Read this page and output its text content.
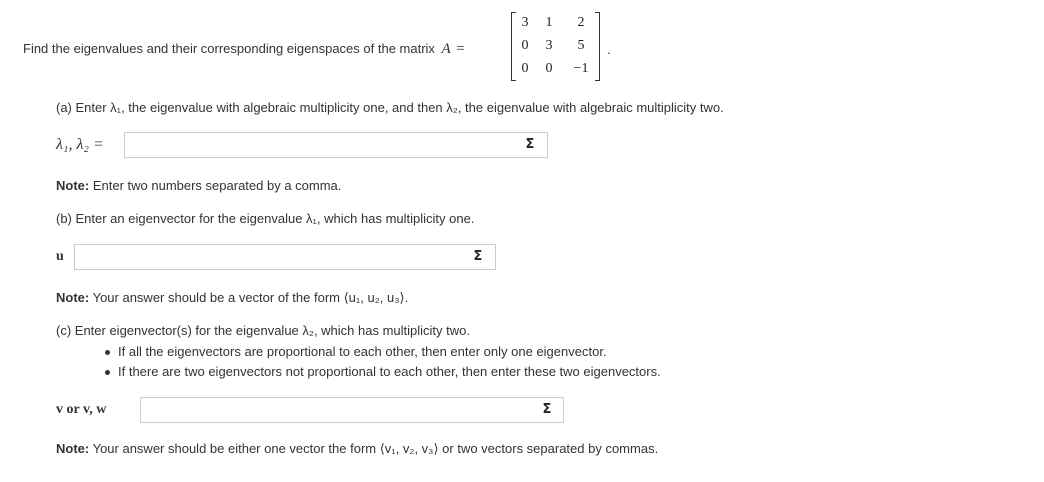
Find the eigenvalues and their corresponding eigenspaces of the matrix A =
3	1	2
0	3	5
0	0	−1
.
(a) Enter λ₁, the eigenvalue with algebraic multiplicity one, and then λ₂, the eigenvalue with algebraic multiplicity two.
λ₁, λ₂ =	Σ
Note: Enter two numbers separated by a comma.
(b) Enter an eigenvector for the eigenvalue λ₁, which has multiplicity one.
u	Σ
Note: Your answer should be a vector of the form ⟨u₁, u₂, u₃⟩.
(c) Enter eigenvector(s) for the eigenvalue λ₂, which has multiplicity two.
If all the eigenvectors are proportional to each other, then enter only one eigenvector.
If there are two eigenvectors not proportional to each other, then enter these two eigenvectors.
v or v, w	Σ
Note: Your answer should be either one vector the form ⟨v₁, v₂, v₃⟩ or two vectors separated by commas.
